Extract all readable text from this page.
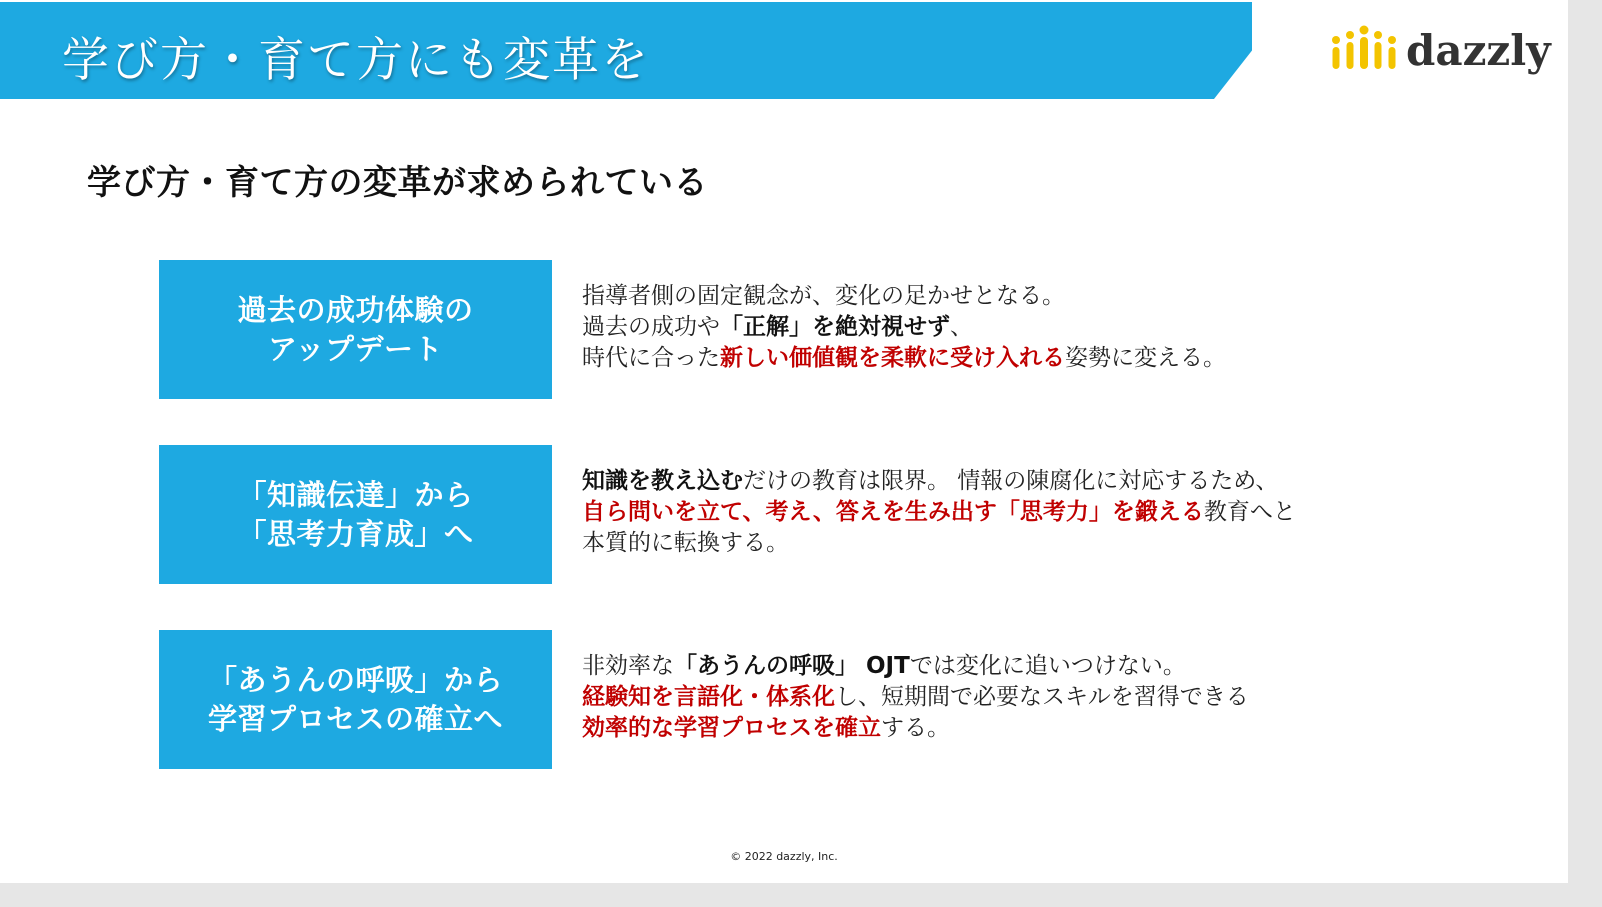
学び方・育て方にも変革を	dazzly
学び方・育て方の変革が求められている
過去の成功体験の
アップデート
指導者側の固定観念が、変化の足かせとなる。
過去の成功や「正解」を絶対視せず、
時代に合った新しい価値観を柔軟に受け入れる姿勢に変える。
「知識伝達」から
「思考力育成」へ
知識を教え込むだけの教育は限界。 情報の陳腐化に対応するため、
自ら問いを立て、考え、答えを生み出す「思考力」を鍛える教育へと
本質的に転換する。
「あうんの呼吸」から
学習プロセスの確立へ
非効率な「あうんの呼吸」 OJTでは変化に追いつけない。
経験知を言語化・体系化し、短期間で必要なスキルを習得できる
効率的な学習プロセスを確立する。
© 2022 dazzly, Inc.
